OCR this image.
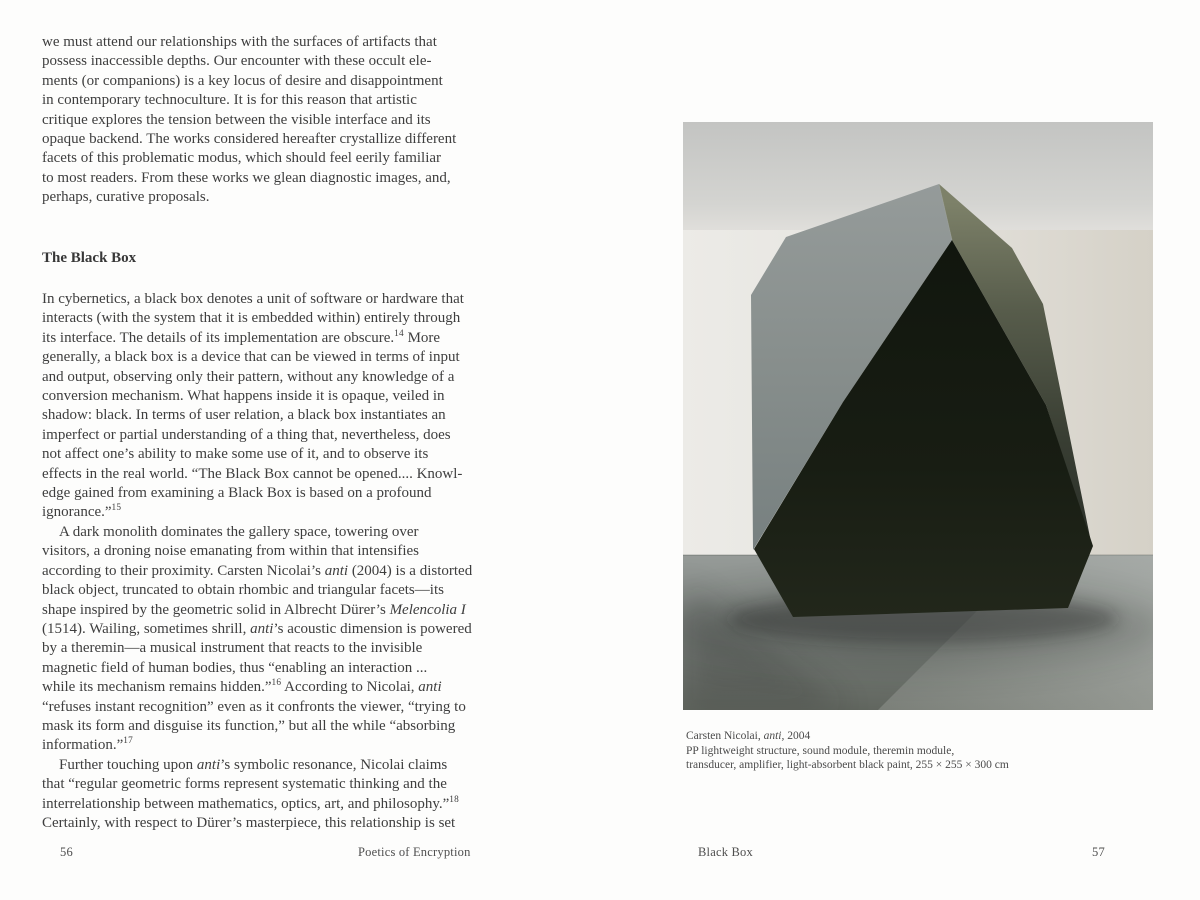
we must attend our relationships with the surfaces of artifacts that
possess inaccessible depths. Our encounter with these occult ele-
ments (or companions) is a key locus of desire and disappointment
in contemporary technoculture. It is for this reason that artistic
critique explores the tension between the visible interface and its
opaque backend. The works considered hereafter crystallize different
facets of this problematic modus, which should feel eerily familiar
to most readers. From these works we glean diagnostic images, and,
perhaps, curative proposals.
The Black Box
In cybernetics, a black box denotes a unit of software or hardware that
interacts (with the system that it is embedded within) entirely through
its interface. The details of its implementation are obscure.$^{14}$ More
generally, a black box is a device that can be viewed in terms of input
and output, observing only their pattern, without any knowledge of a
conversion mechanism. What happens inside it is opaque, veiled in
shadow: black. In terms of user relation, a black box instantiates an
imperfect or partial understanding of a thing that, nevertheless, does
not affect one’s ability to make some use of it, and to observe its
effects in the real world. “The Black Box cannot be opened.... Knowl-
edge gained from examining a Black Box is based on a profound
ignorance.”$^{15}$
A dark monolith dominates the gallery space, towering over
visitors, a droning noise emanating from within that intensifies
according to their proximity. Carsten Nicolai’s anti (2004) is a distorted
black object, truncated to obtain rhombic and triangular facets—its
shape inspired by the geometric solid in Albrecht Dürer’s Melencolia I
(1514). Wailing, sometimes shrill, anti’s acoustic dimension is powered
by a theremin—a musical instrument that reacts to the invisible
magnetic field of human bodies, thus “enabling an interaction ...
while its mechanism remains hidden.”$^{16}$ According to Nicolai, anti
“refuses instant recognition” even as it confronts the viewer, “trying to
mask its form and disguise its function,” but all the while “absorbing
information.”$^{17}$
Further touching upon anti’s symbolic resonance, Nicolai claims
that “regular geometric forms represent systematic thinking and the
interrelationship between mathematics, optics, art, and philosophy.”$^{18}$
Certainly, with respect to Dürer’s masterpiece, this relationship is set
56	Poetics of Encryption
Carsten Nicolai, anti, 2004
PP lightweight structure, sound module, theremin module,
transducer, amplifier, light-absorbent black paint, 255 × 255 × 300 cm
Black Box	57
